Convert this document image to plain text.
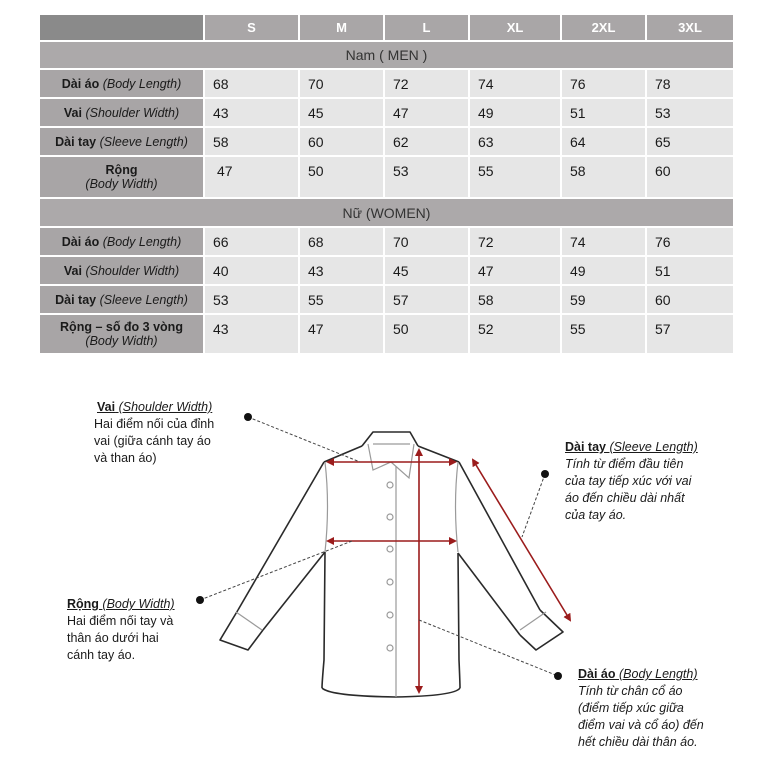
S	M	L	XL	2XL	3XL
Nam ( MEN )
Dài áo (Body Length)	68	70	72	74	76	78
Vai (Shoulder Width)	43	45	47	49	51	53
Dài tay (Sleeve Length)	58	60	62	63	64	65
Rộng
(Body Width)
47	50	53	55	58	60
Nữ (WOMEN)
Dài áo (Body Length)	66	68	70	72	74	76
Vai (Shoulder Width)	40	43	45	47	49	51
Dài tay (Sleeve Length)	53	55	57	58	59	60
Rộng – số đo 3 vòng
(Body Width)
43	47	50	52	55	57
Vai (Shoulder Width)
Hai điểm nối của đỉnh
vai (giữa cánh tay áo
và than áo)
Dài tay (Sleeve Length)
Tính từ điểm đầu tiên
của tay tiếp xúc với vai
áo đến chiều dài nhất
của tay áo.
Rộng (Body Width)
Hai điểm nối tay và
thân áo dưới hai
cánh tay áo.
Dài áo (Body Length)
Tính từ chân cổ áo
(điểm tiếp xúc giữa
điểm vai và cổ áo) đến
hết chiều dài thân áo.
